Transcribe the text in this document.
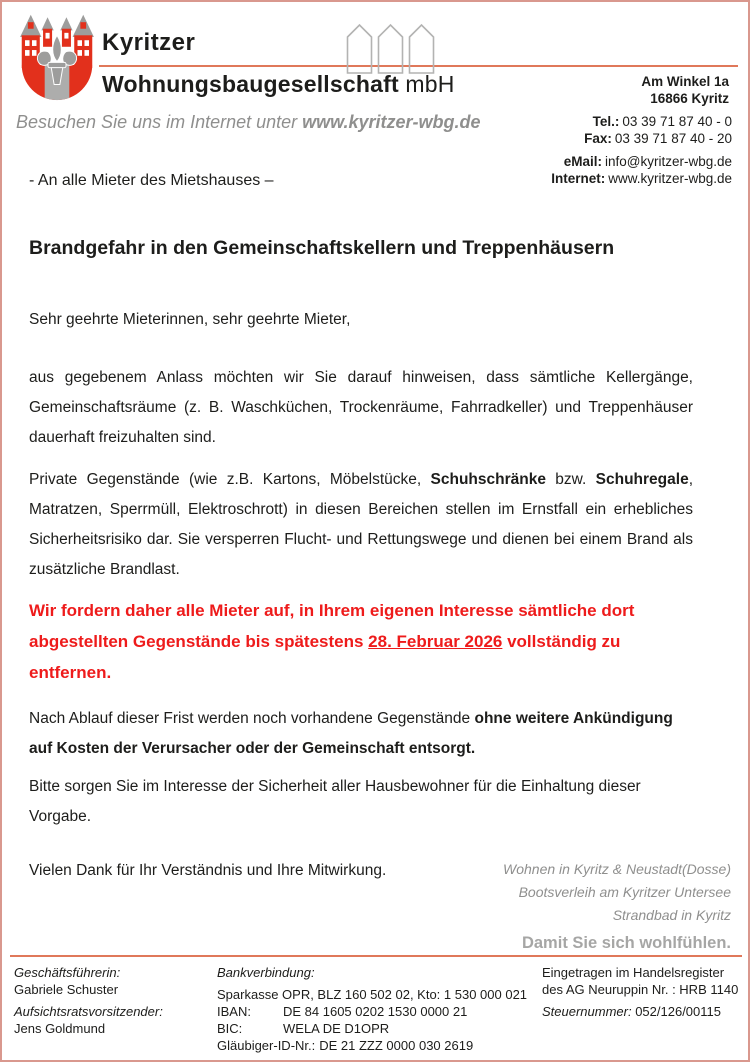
Kyritzer
Wohnungsbaugesellschaft mbH
Besuchen Sie uns im Internet unter www.kyritzer-wbg.de
Am Winkel 1a
16866 Kyritz
Tel.: 03 39 71 87 40 - 0
Fax: 03 39 71 87 40 - 20
eMail: info@kyritzer-wbg.de
Internet: www.kyritzer-wbg.de
- An alle Mieter des Mietshauses –
Brandgefahr in den Gemeinschaftskellern und Treppenhäusern

Sehr geehrte Mieterinnen, sehr geehrte Mieter,

aus gegebenem Anlass möchten wir Sie darauf hinweisen, dass sämtliche Kellergänge, Gemeinschaftsräume (z. B. Waschküchen, Trockenräume, Fahrradkeller) und Treppenhäuser dauerhaft freizuhalten sind.

Private Gegenstände (wie z.B. Kartons, Möbelstücke, Schuhschränke bzw. Schuhregale, Matratzen, Sperrmüll, Elektroschrott) in diesen Bereichen stellen im Ernstfall ein erhebliches Sicherheitsrisiko dar. Sie versperren Flucht- und Rettungswege und dienen bei einem Brand als zusätzliche Brandlast.

Wir fordern daher alle Mieter auf, in Ihrem eigenen Interesse sämtliche dort abgestellten Gegenstände bis spätestens 28. Februar 2026 vollständig zu entfernen.

Nach Ablauf dieser Frist werden noch vorhandene Gegenstände ohne weitere Ankündigung auf Kosten der Verursacher oder der Gemeinschaft entsorgt.

Bitte sorgen Sie im Interesse der Sicherheit aller Hausbewohner für die Einhaltung dieser Vorgabe.

Vielen Dank für Ihr Verständnis und Ihre Mitwirkung.	Wohnen in Kyritz & Neustadt(Dosse)
Bootsverleih am Kyritzer Untersee
Strandbad in Kyritz
Damit Sie sich wohlfühlen.
Geschäftsführerin:
Gabriele Schuster
Aufsichtsratsvorsitzender:
Jens Goldmund
Bankverbindung:
Sparkasse OPR, BLZ 160 502 02, Kto: 1 530 000 021
IBAN: DE 84 1605 0202 1530 0000 21
BIC:	WELA DE D1OPR
Gläubiger-ID-Nr.: DE 21 ZZZ 0000 030 2619
Eingetragen im Handelsregister
des AG Neuruppin Nr. : HRB 1140
Steuernummer: 052/126/00115
